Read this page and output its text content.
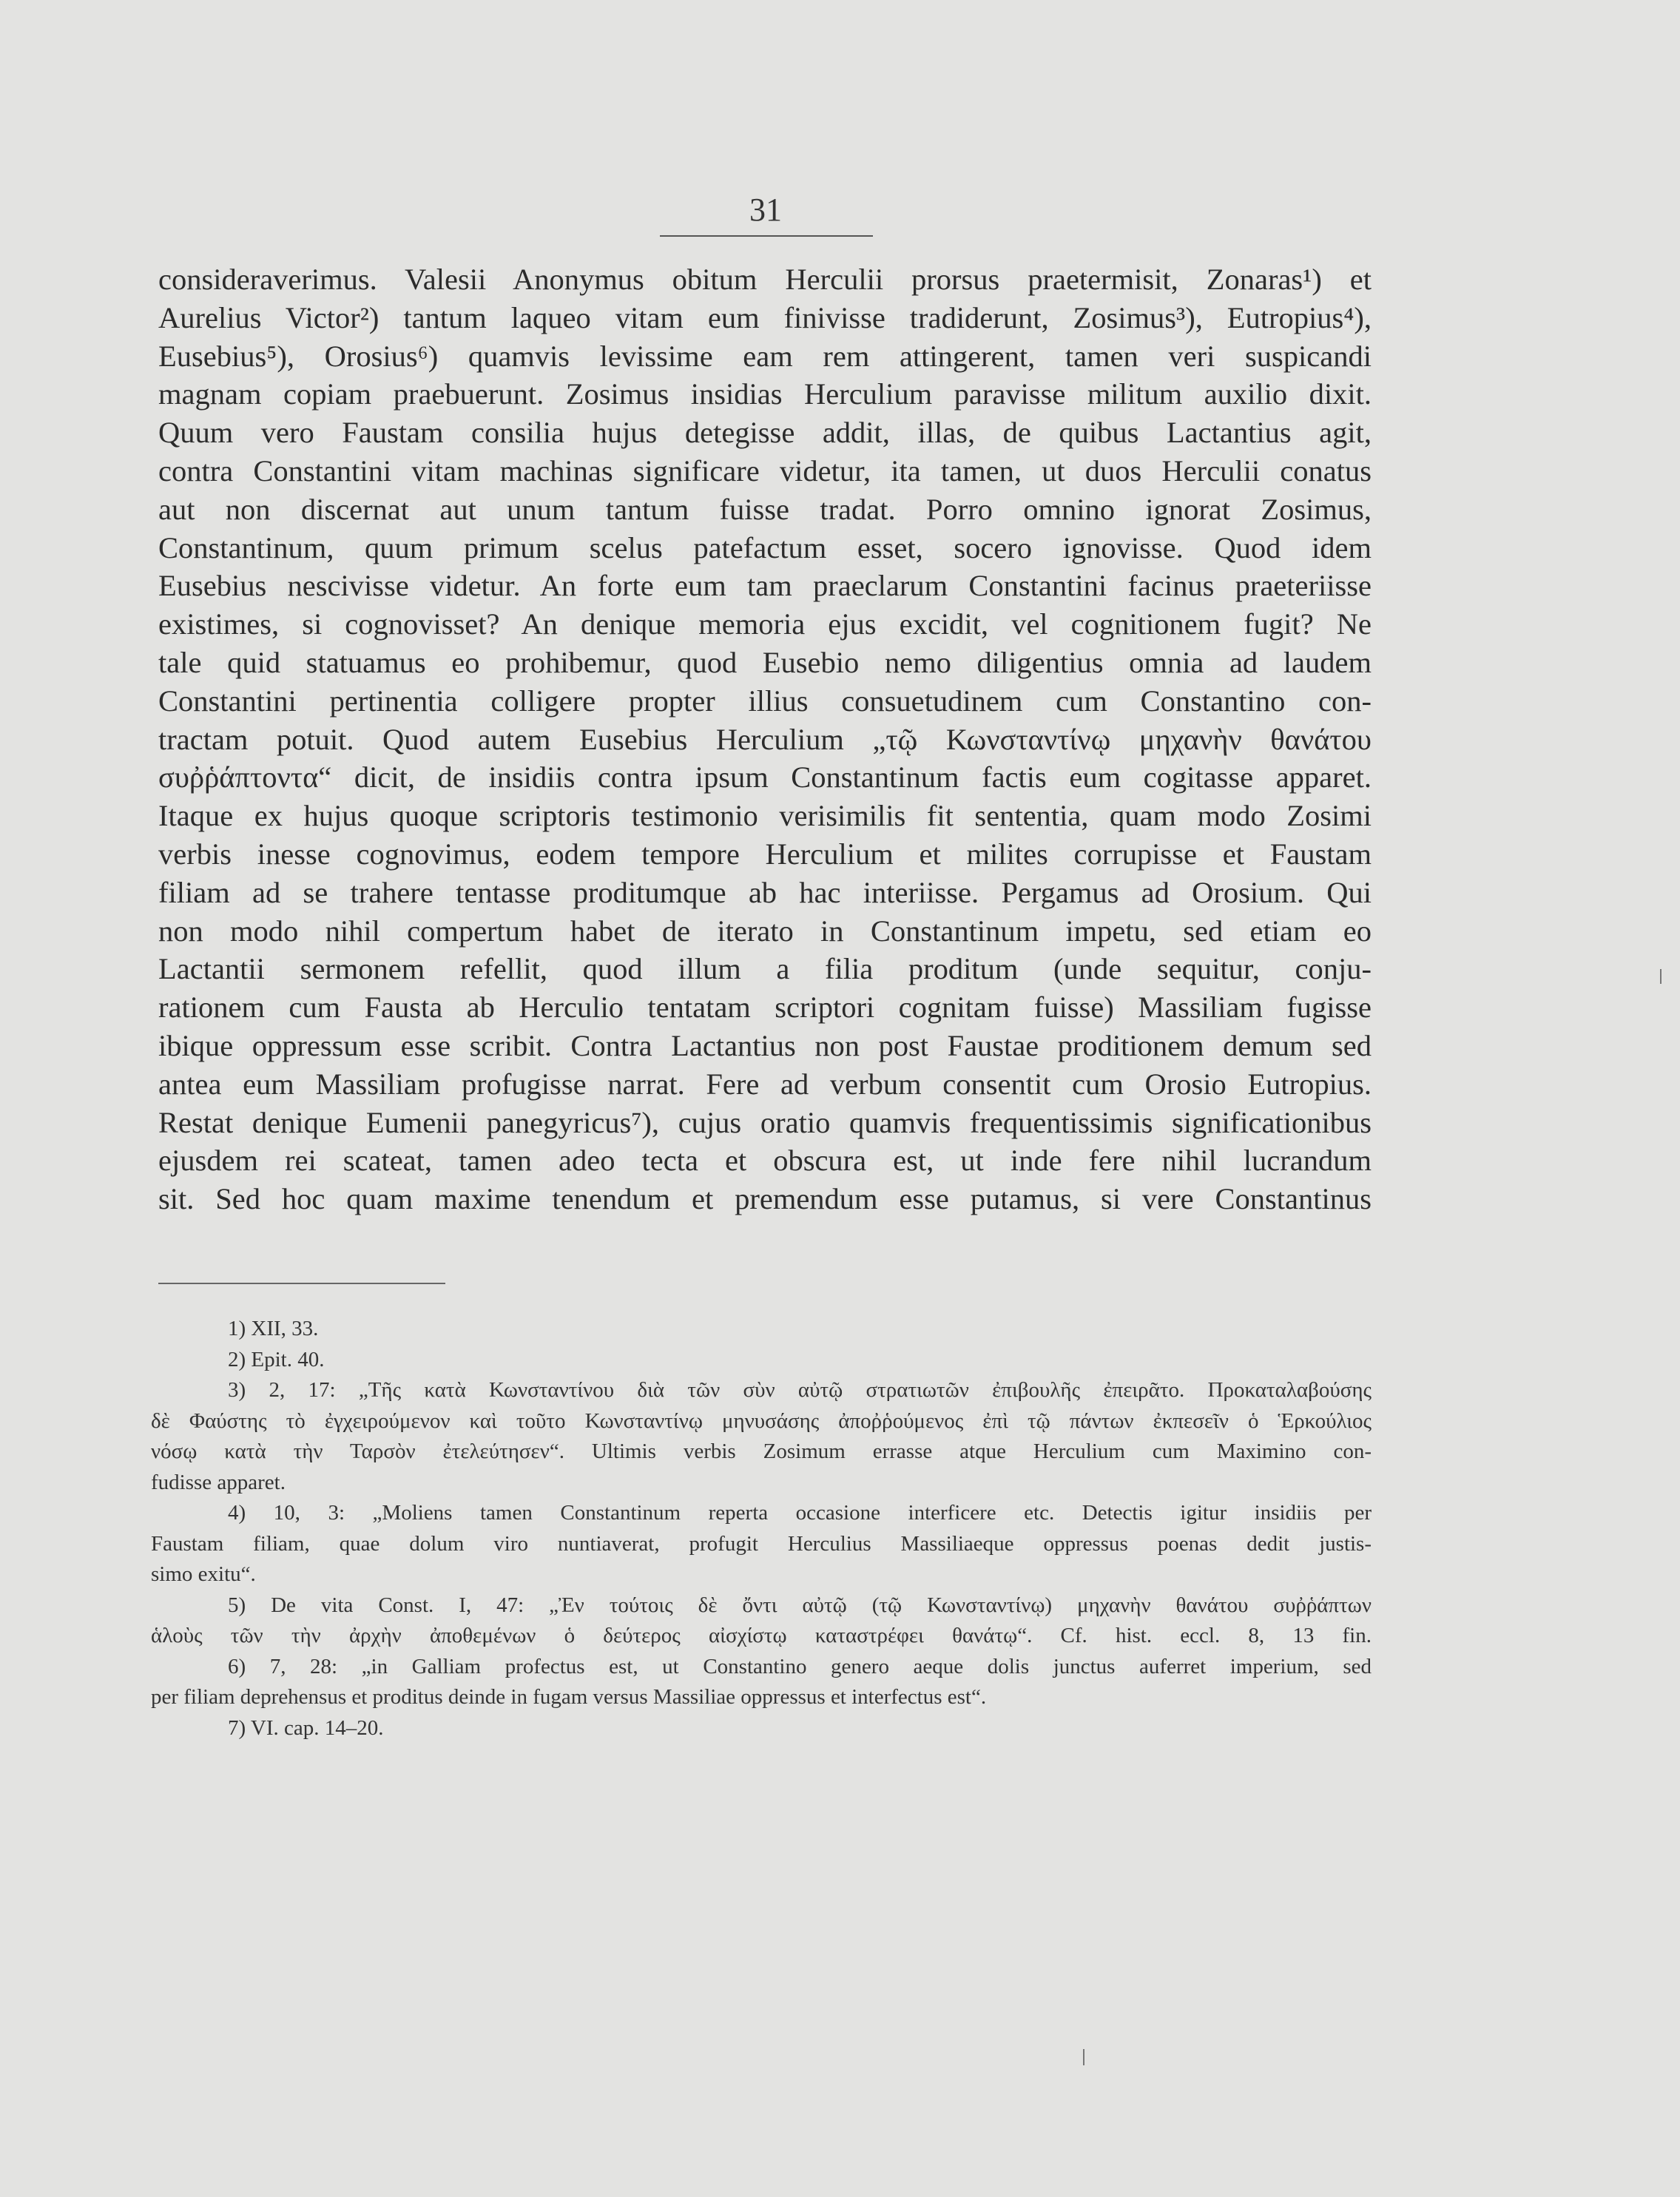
31
consideraverimus. Valesii Anonymus obitum Herculii prorsus praetermisit, Zonaras¹) et
Aurelius Victor²) tantum laqueo vitam eum finivisse tradiderunt, Zosimus³), Eutropius⁴),
Eusebius⁵), Orosius⁶) quamvis levissime eam rem attingerent, tamen veri suspicandi
magnam copiam praebuerunt. Zosimus insidias Herculium paravisse militum auxilio dixit.
Quum vero Faustam consilia hujus detegisse addit, illas, de quibus Lactantius agit,
contra Constantini vitam machinas significare videtur, ita tamen, ut duos Herculii conatus
aut non discernat aut unum tantum fuisse tradat. Porro omnino ignorat Zosimus,
Constantinum, quum primum scelus patefactum esset, socero ignovisse. Quod idem
Eusebius nescivisse videtur. An forte eum tam praeclarum Constantini facinus praeteriisse
existimes, si cognovisset? An denique memoria ejus excidit, vel cognitionem fugit? Ne
tale quid statuamus eo prohibemur, quod Eusebio nemo diligentius omnia ad laudem
Constantini pertinentia colligere propter illius consuetudinem cum Constantino con-
tractam potuit. Quod autem Eusebius Herculium „τῷ Κωνσταντίνῳ μηχανὴν θανάτου
συῤῥάπτοντα“ dicit, de insidiis contra ipsum Constantinum factis eum cogitasse apparet.
Itaque ex hujus quoque scriptoris testimonio verisimilis fit sententia, quam modo Zosimi
verbis inesse cognovimus, eodem tempore Herculium et milites corrupisse et Faustam
filiam ad se trahere tentasse proditumque ab hac interiisse. Pergamus ad Orosium. Qui
non modo nihil compertum habet de iterato in Constantinum impetu, sed etiam eo
Lactantii sermonem refellit, quod illum a filia proditum (unde sequitur, conju-
rationem cum Fausta ab Herculio tentatam scriptori cognitam fuisse) Massiliam fugisse
ibique oppressum esse scribit. Contra Lactantius non post Faustae proditionem demum sed
antea eum Massiliam profugisse narrat. Fere ad verbum consentit cum Orosio Eutropius.
Restat denique Eumenii panegyricus⁷), cujus oratio quamvis frequentissimis significationibus
ejusdem rei scateat, tamen adeo tecta et obscura est, ut inde fere nihil lucrandum
sit. Sed hoc quam maxime tenendum et premendum esse putamus, si vere Constantinus
1) XII, 33.
2) Epit. 40.
3) 2, 17: „Τῆς κατὰ Κωνσταντίνου διὰ τῶν σὺν αὐτῷ στρατιωτῶν ἐπιβουλῆς ἐπειρᾶτο. Προκαταλαβούσης
δὲ Φαύστης τὸ ἐγχειρούμενον καὶ τοῦτο Κωνσταντίνῳ μηνυσάσης ἀποῤῥούμενος ἐπὶ τῷ πάντων ἐκπεσεῖν ὁ Ἑρκούλιος
νόσῳ κατὰ τὴν Ταρσὸν ἐτελεύτησεν“. Ultimis verbis Zosimum errasse atque Herculium cum Maximino con-
fudisse apparet.
4) 10, 3: „Moliens tamen Constantinum reperta occasione interficere etc. Detectis igitur insidiis per
Faustam filiam, quae dolum viro nuntiaverat, profugit Herculius Massiliaeque oppressus poenas dedit justis-
simo exitu“.
5) De vita Const. I, 47: „Ἐν τούτοις δὲ ὄντι αὐτῷ (τῷ Κωνσταντίνῳ) μηχανὴν θανάτου συῤῥάπτων
ἁλοὺς τῶν τὴν ἀρχὴν ἀποθεμένων ὁ δεύτερος αἰσχίστῳ καταστρέφει θανάτῳ“. Cf. hist. eccl. 8, 13 fin.
6) 7, 28: „in Galliam profectus est, ut Constantino genero aeque dolis junctus auferret imperium, sed
per filiam deprehensus et proditus deinde in fugam versus Massiliae oppressus et interfectus est“.
7) VI. cap. 14–20.
